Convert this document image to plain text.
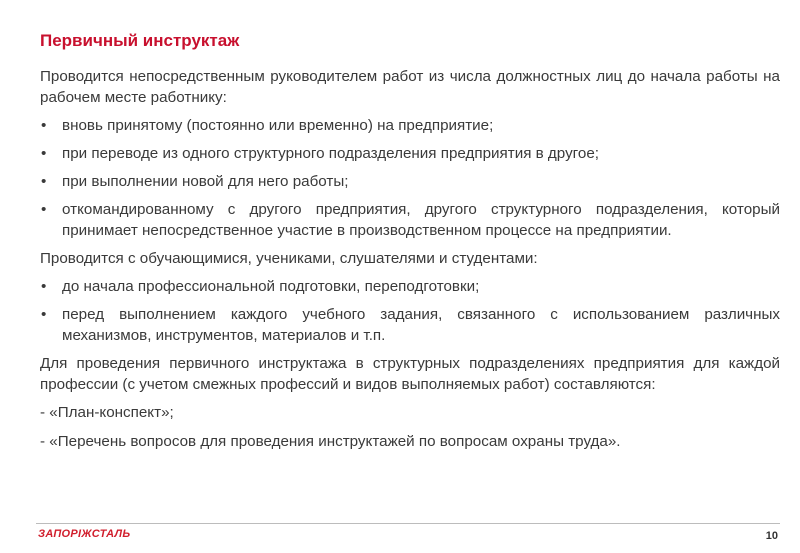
Первичный инструктаж

Проводится непосредственным руководителем работ из числа должностных лиц до начала работы на рабочем месте работнику:

• вновь принятому (постоянно или временно) на предприятие;
• при переводе из одного структурного подразделения предприятия в другое;
• при выполнении новой для него работы;
• откомандированному с другого предприятия, другого структурного подразделения, который принимает непосредственное участие в производственном процессе на предприятии.

Проводится с обучающимися, учениками, слушателями и студентами:

• до начала профессиональной подготовки, переподготовки;
• перед выполнением каждого учебного задания, связанного с использованием различных механизмов, инструментов, материалов и т.п.

Для проведения первичного инструктажа в структурных подразделениях предприятия для каждой профессии (с учетом смежных профессий и видов выполняемых работ) составляются:

- «План-конспект»;
- «Перечень вопросов для проведения инструктажей по вопросам охраны труда».
ЗАПОРІЖСТАЛЬ	10
